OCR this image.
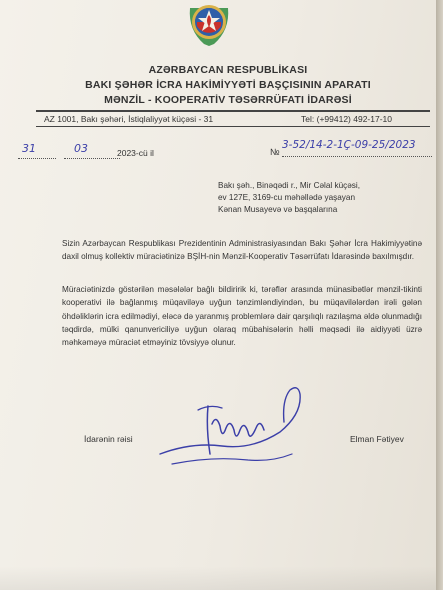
AZƏRBAYCAN RESPUBLİKASI
BAKI ŞƏHƏR İCRA HAKİMİYYƏTİ BAŞÇISININ APARATI
MƏNZİL - KOOPERATİV TƏSƏRRÜFATI İDARƏSİ
AZ 1001, Bakı şəhəri, İstiqlaliyyət küçəsi - 31	Tel: (+99412) 492-17-10
31	03	2023-cü il	№
3-52/14-2-1Ç-09-25/2023
Bakı şəh., Binəqədi r., Mir Cəlal küçəsi,
ev 127E, 3169-cu məhəllədə yaşayan
Kənan Musayevə və başqalarına
Sizin Azərbaycan Respublikası Prezidentinin Administrasiyasından Bakı Şəhər İcra Hakimiyyətinə daxil olmuş kollektiv müraciətinizə BŞİH-nin Mənzil-Kooperativ Təsərrüfatı İdarəsində baxılmışdır.
Müraciətinizdə göstərilən məsələlər bağlı bildiririk ki, tərəflər arasında münasibətlər mənzil-tikinti kooperativi ilə bağlanmış müqaviləyə uyğun tənzimləndiyindən, bu müqavilələrdən irəli gələn öhdəliklərin icra edilmədiyi, eləcə də yaranmış problemlərə dair qarşılıqlı razılaşma əldə olunmadığı təqdirdə, mülki qanunvericiliyə uyğun olaraq mübahisələrin həlli məqsədi ilə aidiyyəti üzrə məhkəməyə müraciət etməyiniz tövsiyyə olunur.
İdarənin rəisi	Elman Fətiyev
